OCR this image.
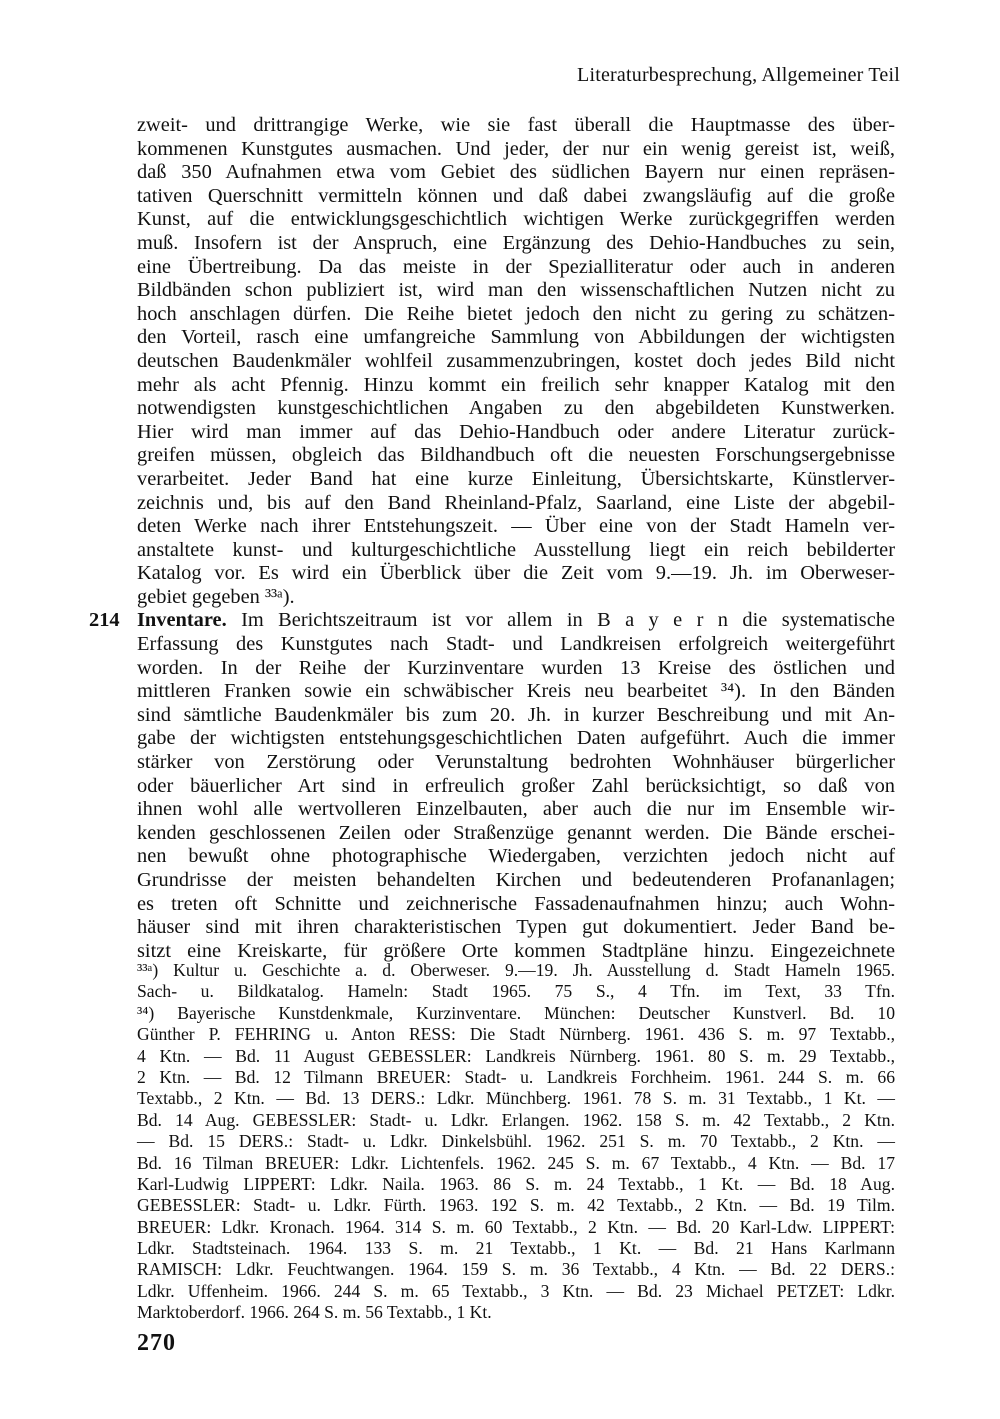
Literaturbesprechung, Allgemeiner Teil
zweit- und drittrangige Werke, wie sie fast überall die Hauptmasse des über-
kommenen Kunstgutes ausmachen. Und jeder, der nur ein wenig gereist ist, weiß,
daß 350 Aufnahmen etwa vom Gebiet des südlichen Bayern nur einen repräsen-
tativen Querschnitt vermitteln können und daß dabei zwangsläufig auf die große
Kunst, auf die entwicklungsgeschichtlich wichtigen Werke zurückgegriffen werden
muß. Insofern ist der Anspruch, eine Ergänzung des Dehio-Handbuches zu sein,
eine Übertreibung. Da das meiste in der Spezialliteratur oder auch in anderen
Bildbänden schon publiziert ist, wird man den wissenschaftlichen Nutzen nicht zu
hoch anschlagen dürfen. Die Reihe bietet jedoch den nicht zu gering zu schätzen-
den Vorteil, rasch eine umfangreiche Sammlung von Abbildungen der wichtigsten
deutschen Baudenkmäler wohlfeil zusammenzubringen, kostet doch jedes Bild nicht
mehr als acht Pfennig. Hinzu kommt ein freilich sehr knapper Katalog mit den
notwendigsten kunstgeschichtlichen Angaben zu den abgebildeten Kunstwerken.
Hier wird man immer auf das Dehio-Handbuch oder andere Literatur zurück-
greifen müssen, obgleich das Bildhandbuch oft die neuesten Forschungsergebnisse
verarbeitet. Jeder Band hat eine kurze Einleitung, Übersichtskarte, Künstlerver-
zeichnis und, bis auf den Band Rheinland-Pfalz, Saarland, eine Liste der abgebil-
deten Werke nach ihrer Entstehungszeit. — Über eine von der Stadt Hameln ver-
anstaltete kunst- und kulturgeschichtliche Ausstellung liegt ein reich bebilderter
Katalog vor. Es wird ein Überblick über die Zeit vom 9.—19. Jh. im Oberweser-
gebiet gegeben ³³ᵃ).
214 Inventare. Im Berichtszeitraum ist vor allem in B a y e r n die systematische
Erfassung des Kunstgutes nach Stadt- und Landkreisen erfolgreich weitergeführt
worden. In der Reihe der Kurzinventare wurden 13 Kreise des östlichen und
mittleren Franken sowie ein schwäbischer Kreis neu bearbeitet ³⁴). In den Bänden
sind sämtliche Baudenkmäler bis zum 20. Jh. in kurzer Beschreibung und mit An-
gabe der wichtigsten entstehungsgeschichtlichen Daten aufgeführt. Auch die immer
stärker von Zerstörung oder Verunstaltung bedrohten Wohnhäuser bürgerlicher
oder bäuerlicher Art sind in erfreulich großer Zahl berücksichtigt, so daß von
ihnen wohl alle wertvolleren Einzelbauten, aber auch die nur im Ensemble wir-
kenden geschlossenen Zeilen oder Straßenzüge genannt werden. Die Bände erschei-
nen bewußt ohne photographische Wiedergaben, verzichten jedoch nicht auf
Grundrisse der meisten behandelten Kirchen und bedeutenderen Profananlagen;
es treten oft Schnitte und zeichnerische Fassadenaufnahmen hinzu; auch Wohn-
häuser sind mit ihren charakteristischen Typen gut dokumentiert. Jeder Band be-
sitzt eine Kreiskarte, für größere Orte kommen Stadtpläne hinzu. Eingezeichnete
³³ᵃ) Kultur u. Geschichte a. d. Oberweser. 9.—19. Jh. Ausstellung d. Stadt Hameln 1965.
Sach- u. Bildkatalog. Hameln: Stadt 1965. 75 S., 4 Tfn. im Text, 33 Tfn.
³⁴) Bayerische Kunstdenkmale, Kurzinventare. München: Deutscher Kunstverl. Bd. 10
Günther P. FEHRING u. Anton RESS: Die Stadt Nürnberg. 1961. 436 S. m. 97 Textabb.,
4 Ktn. — Bd. 11 August GEBESSLER: Landkreis Nürnberg. 1961. 80 S. m. 29 Textabb.,
2 Ktn. — Bd. 12 Tilmann BREUER: Stadt- u. Landkreis Forchheim. 1961. 244 S. m. 66
Textabb., 2 Ktn. — Bd. 13 DERS.: Ldkr. Münchberg. 1961. 78 S. m. 31 Textabb., 1 Kt. —
Bd. 14 Aug. GEBESSLER: Stadt- u. Ldkr. Erlangen. 1962. 158 S. m. 42 Textabb., 2 Ktn.
— Bd. 15 DERS.: Stadt- u. Ldkr. Dinkelsbühl. 1962. 251 S. m. 70 Textabb., 2 Ktn. —
Bd. 16 Tilman BREUER: Ldkr. Lichtenfels. 1962. 245 S. m. 67 Textabb., 4 Ktn. — Bd. 17
Karl-Ludwig LIPPERT: Ldkr. Naila. 1963. 86 S. m. 24 Textabb., 1 Kt. — Bd. 18 Aug.
GEBESSLER: Stadt- u. Ldkr. Fürth. 1963. 192 S. m. 42 Textabb., 2 Ktn. — Bd. 19 Tilm.
BREUER: Ldkr. Kronach. 1964. 314 S. m. 60 Textabb., 2 Ktn. — Bd. 20 Karl-Ldw. LIPPERT:
Ldkr. Stadtsteinach. 1964. 133 S. m. 21 Textabb., 1 Kt. — Bd. 21 Hans Karlmann
RAMISCH: Ldkr. Feuchtwangen. 1964. 159 S. m. 36 Textabb., 4 Ktn. — Bd. 22 DERS.:
Ldkr. Uffenheim. 1966. 244 S. m. 65 Textabb., 3 Ktn. — Bd. 23 Michael PETZET: Ldkr.
Marktoberdorf. 1966. 264 S. m. 56 Textabb., 1 Kt.
270
